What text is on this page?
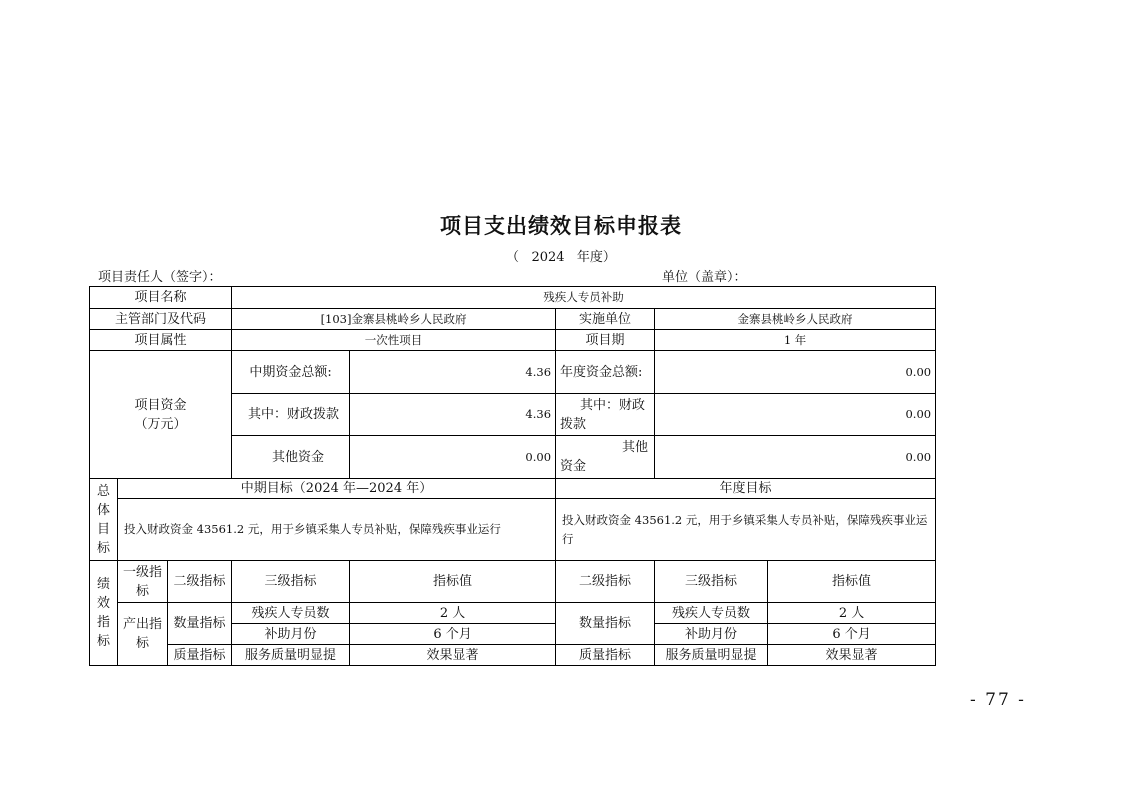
项目支出绩效目标申报表
（   2024   年度）
项目责任人（签字）：	单位（盖章）：
项目名称			残疾人专员补助				
主管部门及代码			[103]金寨县桃岭乡人民政府		实施单位	金寨县桃岭乡人民政府	
项目属性			一次性项目		项目期	1 年	

项目资金
（万元）			中期资金总额:	4.36	年度资金总额:	0.00	
			其中：财政拨款	4.36	其中：财政拨款	0.00	
			其他资金	0.00	其他资金	0.00	
总体目标	中期目标（2024 年—2024 年）				年度目标		
	投入财政资金 43561.2 元，用于乡镇采集人专员补贴，保障残疾事业运行				投入财政资金 43561.2 元，用于乡镇采集人专员补贴，保障残疾事业运行		
绩效指标	一级指标	二级指标	三级指标	指标值	二级指标	三级指标	指标值
	产出指标	数量指标	残疾人专员数	2 人	数量指标	残疾人专员数	2 人
			补助月份	6 个月		补助月份	6 个月
		质量指标	服务质量明显提	效果显著	质量指标	服务质量明显提	效果显著
- 77 -
